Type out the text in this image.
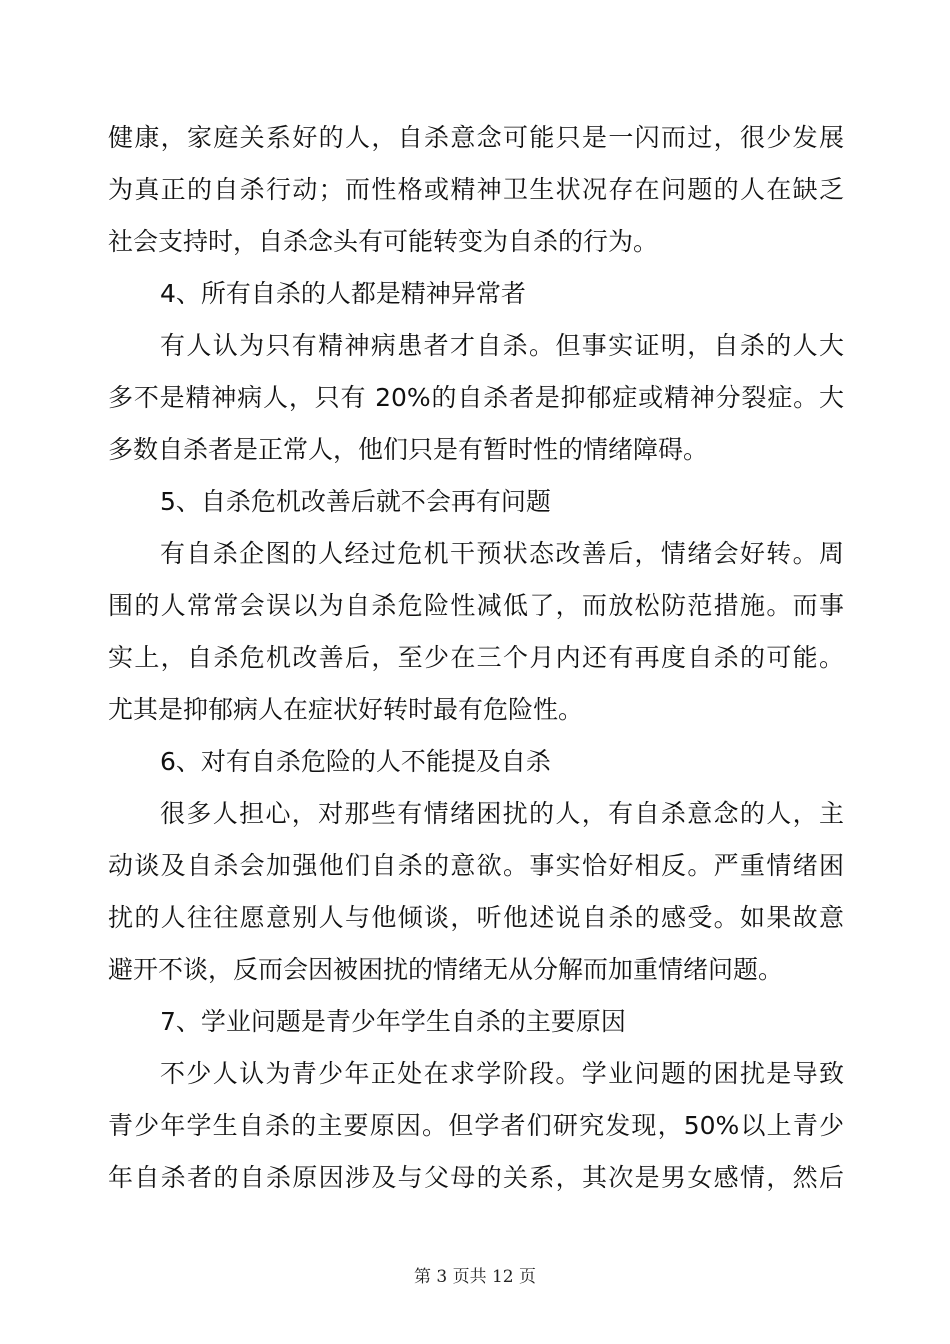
健康，家庭关系好的人，自杀意念可能只是一闪而过，很少发展
为真正的自杀行动；而性格或精神卫生状况存在问题的人在缺乏
社会支持时，自杀念头有可能转变为自杀的行为。
4、所有自杀的人都是精神异常者
有人认为只有精神病患者才自杀。但事实证明，自杀的人大
多不是精神病人，只有 20%的自杀者是抑郁症或精神分裂症。大
多数自杀者是正常人，他们只是有暂时性的情绪障碍。
5、自杀危机改善后就不会再有问题
有自杀企图的人经过危机干预状态改善后，情绪会好转。周
围的人常常会误以为自杀危险性减低了，而放松防范措施。而事
实上，自杀危机改善后，至少在三个月内还有再度自杀的可能。
尤其是抑郁病人在症状好转时最有危险性。
6、对有自杀危险的人不能提及自杀
很多人担心，对那些有情绪困扰的人，有自杀意念的人，主
动谈及自杀会加强他们自杀的意欲。事实恰好相反。严重情绪困
扰的人往往愿意别人与他倾谈，听他述说自杀的感受。如果故意
避开不谈，反而会因被困扰的情绪无从分解而加重情绪问题。
7、学业问题是青少年学生自杀的主要原因
不少人认为青少年正处在求学阶段。学业问题的困扰是导致
青少年学生自杀的主要原因。但学者们研究发现，50%以上青少
年自杀者的自杀原因涉及与父母的关系，其次是男女感情，然后
第 3 页共 12 页
